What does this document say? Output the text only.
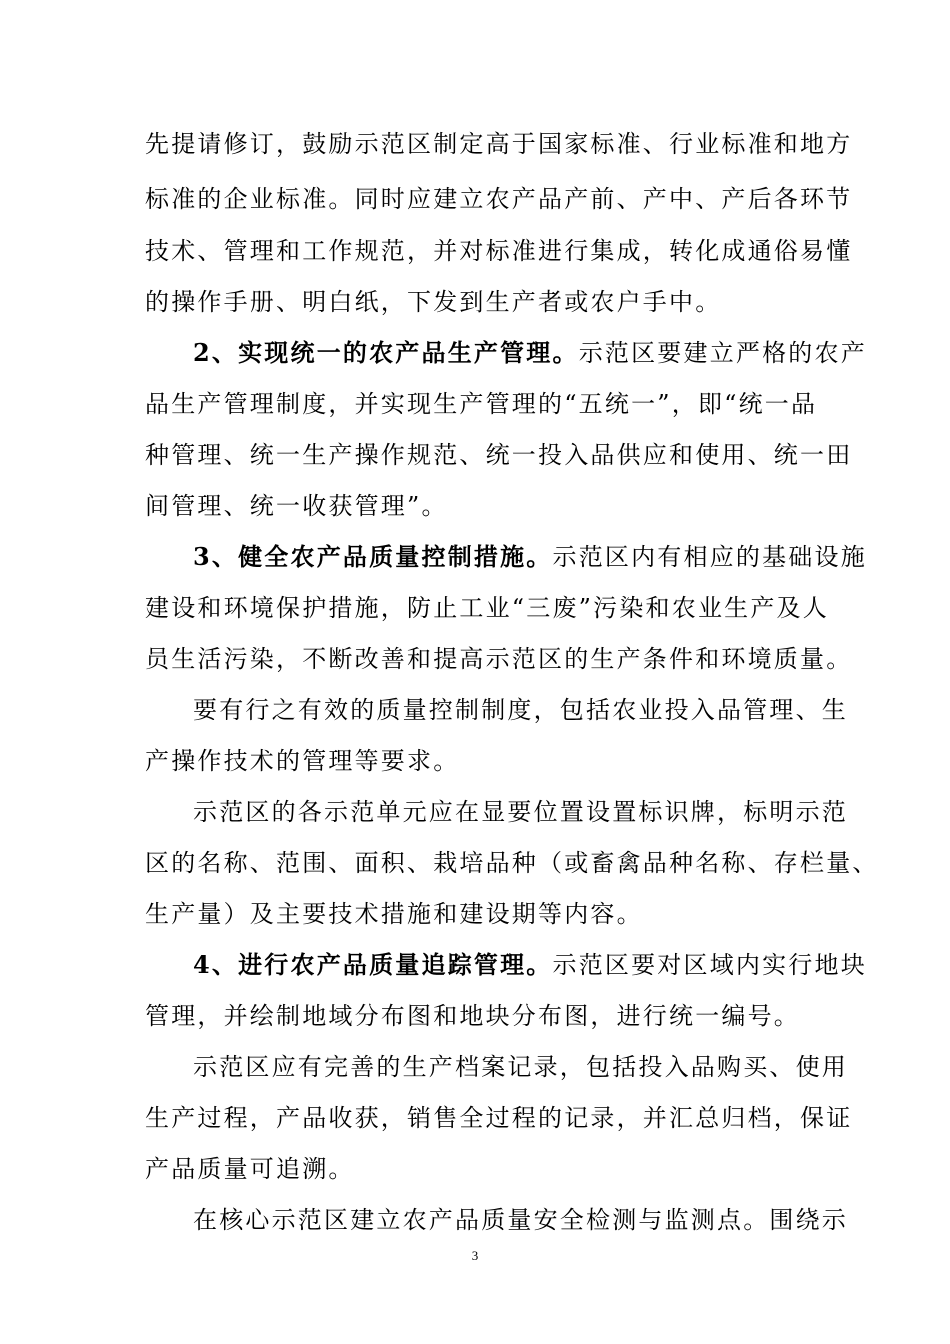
先提请修订，鼓励示范区制定高于国家标准、行业标准和地方
标准的企业标准。同时应建立农产品产前、产中、产后各环节
技术、管理和工作规范，并对标准进行集成，转化成通俗易懂
的操作手册、明白纸，下发到生产者或农户手中。
2、实现统一的农产品生产管理。示范区要建立严格的农产
品生产管理制度，并实现生产管理的“五统一”，即“统一品
种管理、统一生产操作规范、统一投入品供应和使用、统一田
间管理、统一收获管理”。
3、健全农产品质量控制措施。示范区内有相应的基础设施
建设和环境保护措施，防止工业“三废”污染和农业生产及人
员生活污染，不断改善和提高示范区的生产条件和环境质量。
要有行之有效的质量控制制度，包括农业投入品管理、生
产操作技术的管理等要求。
示范区的各示范单元应在显要位置设置标识牌，标明示范
区的名称、范围、面积、栽培品种（或畜禽品种名称、存栏量、
生产量）及主要技术措施和建设期等内容。
4、进行农产品质量追踪管理。示范区要对区域内实行地块
管理，并绘制地域分布图和地块分布图，进行统一编号。
示范区应有完善的生产档案记录，包括投入品购买、使用
生产过程，产品收获，销售全过程的记录，并汇总归档，保证
产品质量可追溯。
在核心示范区建立农产品质量安全检测与监测点。围绕示
3
